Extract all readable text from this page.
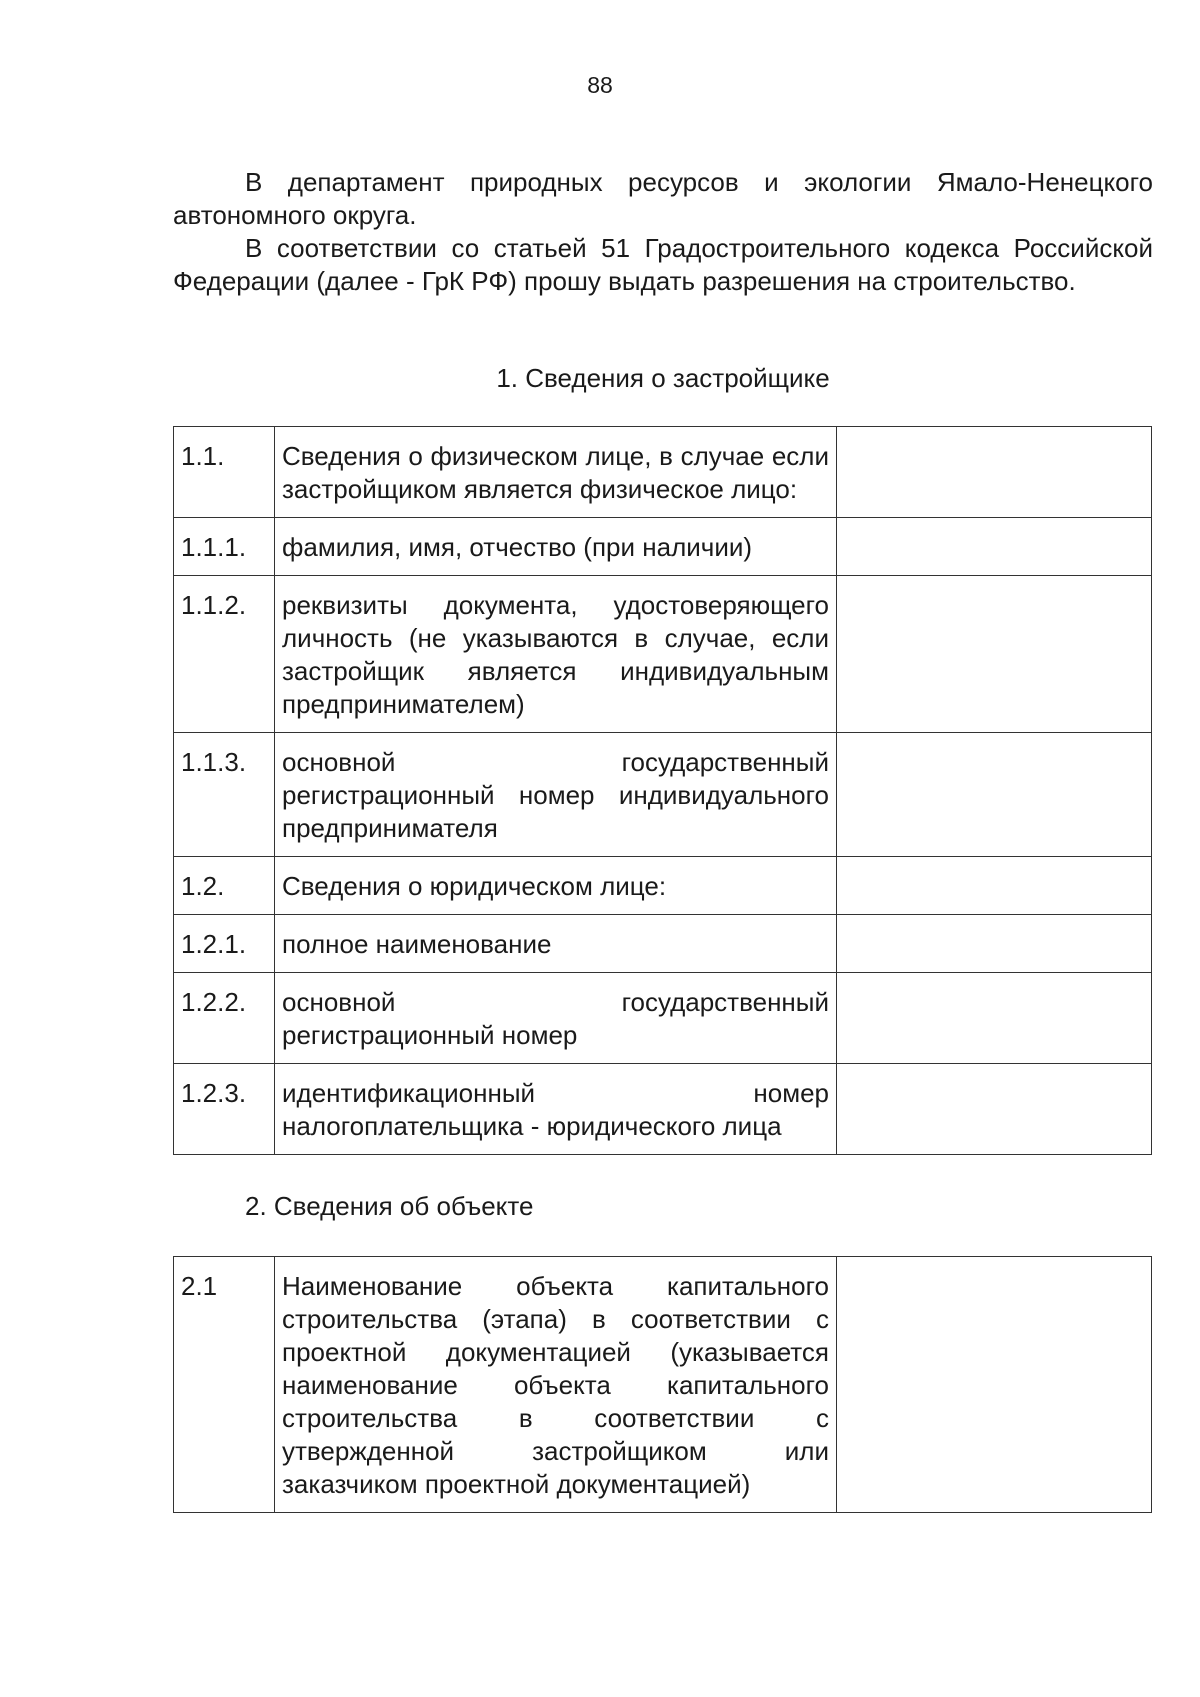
88

В департамент природных ресурсов и экологии Ямало-Ненецкого автономного округа.

В соответствии со статьей 51 Градостроительного кодекса Российской Федерации (далее - ГрК РФ) прошу выдать разрешения на строительство.

1. Сведения о застройщике
1.1.	Сведения о физическом лице, в случае если застройщиком является физическое лицо:	
1.1.1.	фамилия, имя, отчество (при наличии)	
1.1.2.	реквизиты документа, удостоверяющего личность (не указываются в случае, если застройщик является индивидуальным предпринимателем)	
1.1.3.	основной государственный регистрационный номер индивидуального предпринимателя	
1.2.	Сведения о юридическом лице:	
1.2.1.	полное наименование	
1.2.2.	основной государственный регистрационный номер	
1.2.3.	идентификационный номер налогоплательщика - юридического лица	
2. Сведения об объекте
2.1	Наименование объекта капитального строительства (этапа) в соответствии с проектной документацией (указывается наименование объекта капитального строительства в соответствии с утвержденной застройщиком или заказчиком проектной документацией)	
